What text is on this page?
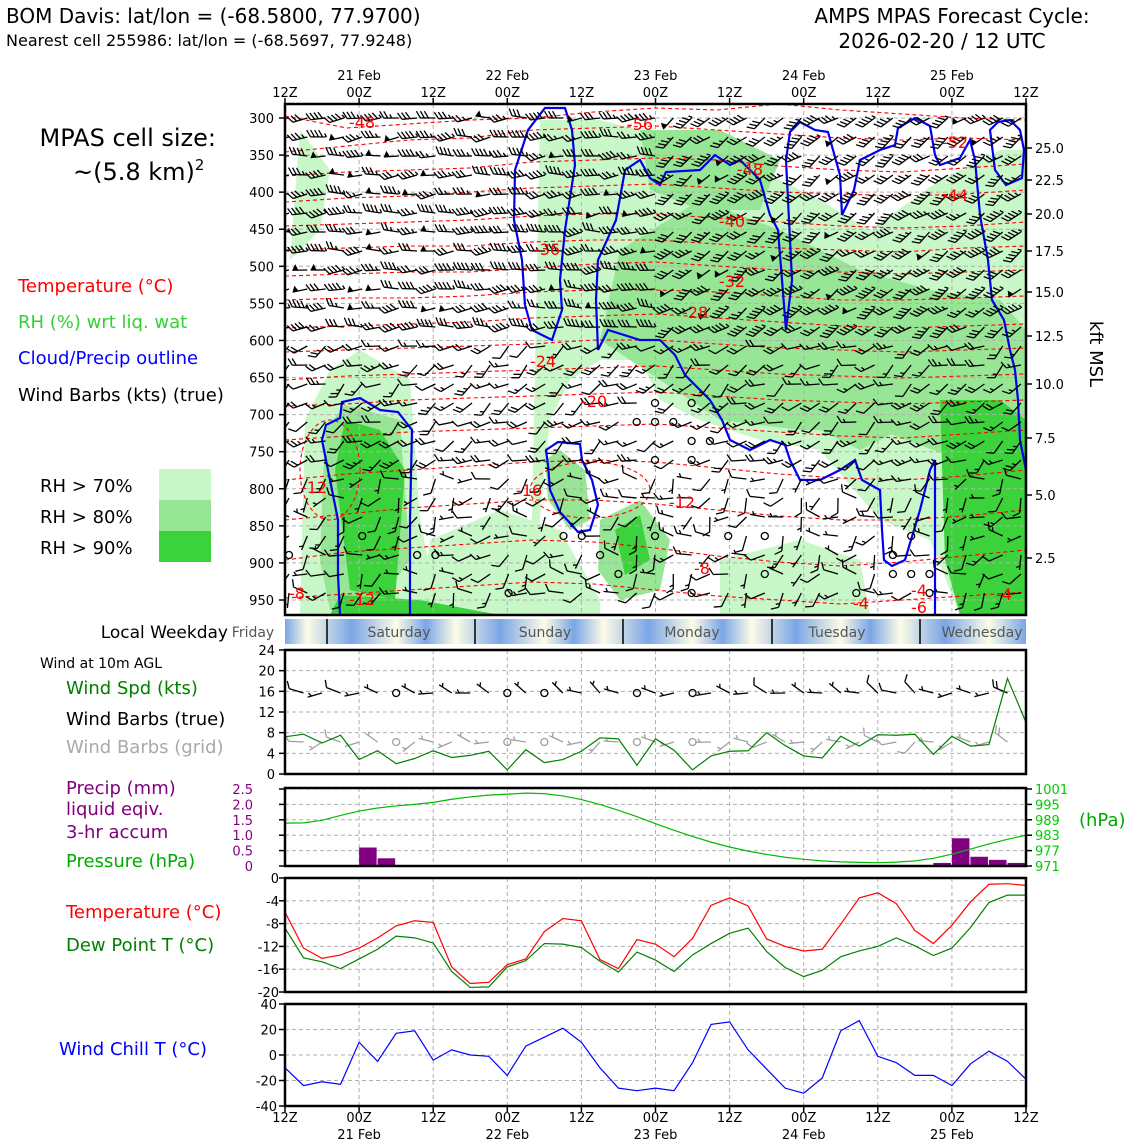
BOM Davis: lat/lon = (-68.5800, 77.9700)
Nearest cell 255986: lat/lon = (-68.5697, 77.9248)
AMPS MPAS Forecast Cycle:
2026-02-20 / 12 UTC
MPAS cell size:
~(5.8 km)$^2$
Temperature (°C)
RH (%) wrt liq. wat
Cloud/Precip outline
Wind Barbs (kts) (true)
RH > 70%
RH > 80%
RH > 90%
-56
-52
-48
-48
-44
-40
-36
-32
-28
-24
-20
-16
-12
-12
-12
-8
-8
-4
-4	-4
-6
300
350
400
450
500
550
600
650
700
750
800
850
900
950
25.0
22.5
20.0
17.5
15.0
12.5
10.0
7.5
5.0
2.5
kft MSL
12Z	00Z	12Z	00Z	12Z	00Z	12Z	00Z	12Z	00Z	12Z
21 Feb	22 Feb	23 Feb	24 Feb	25 Feb
Local Weekday Friday	Saturday	Sunday	Monday	Tuesday	Wednesday
Wind at 10m AGL
Wind Spd (kts)
Wind Barbs (true)
Wind Barbs (grid)
0
4
8
12
16
20
24
Precip (mm)
liquid eqiv.
3-hr accum
Pressure (hPa)	0
0.5
1.0
1.5
2.0
2.5
971
977
983
989
995
1001
(hPa)
Temperature (°C)
Dew Point T (°C)
0
-4
-8
-12
-16
-20
Wind Chill T (°C)
40
20
0
-20
-40
12Z	00Z	12Z	00Z	12Z	00Z	12Z	00Z	12Z	00Z	12Z
21 Feb	22 Feb	23 Feb	24 Feb	25 Feb
